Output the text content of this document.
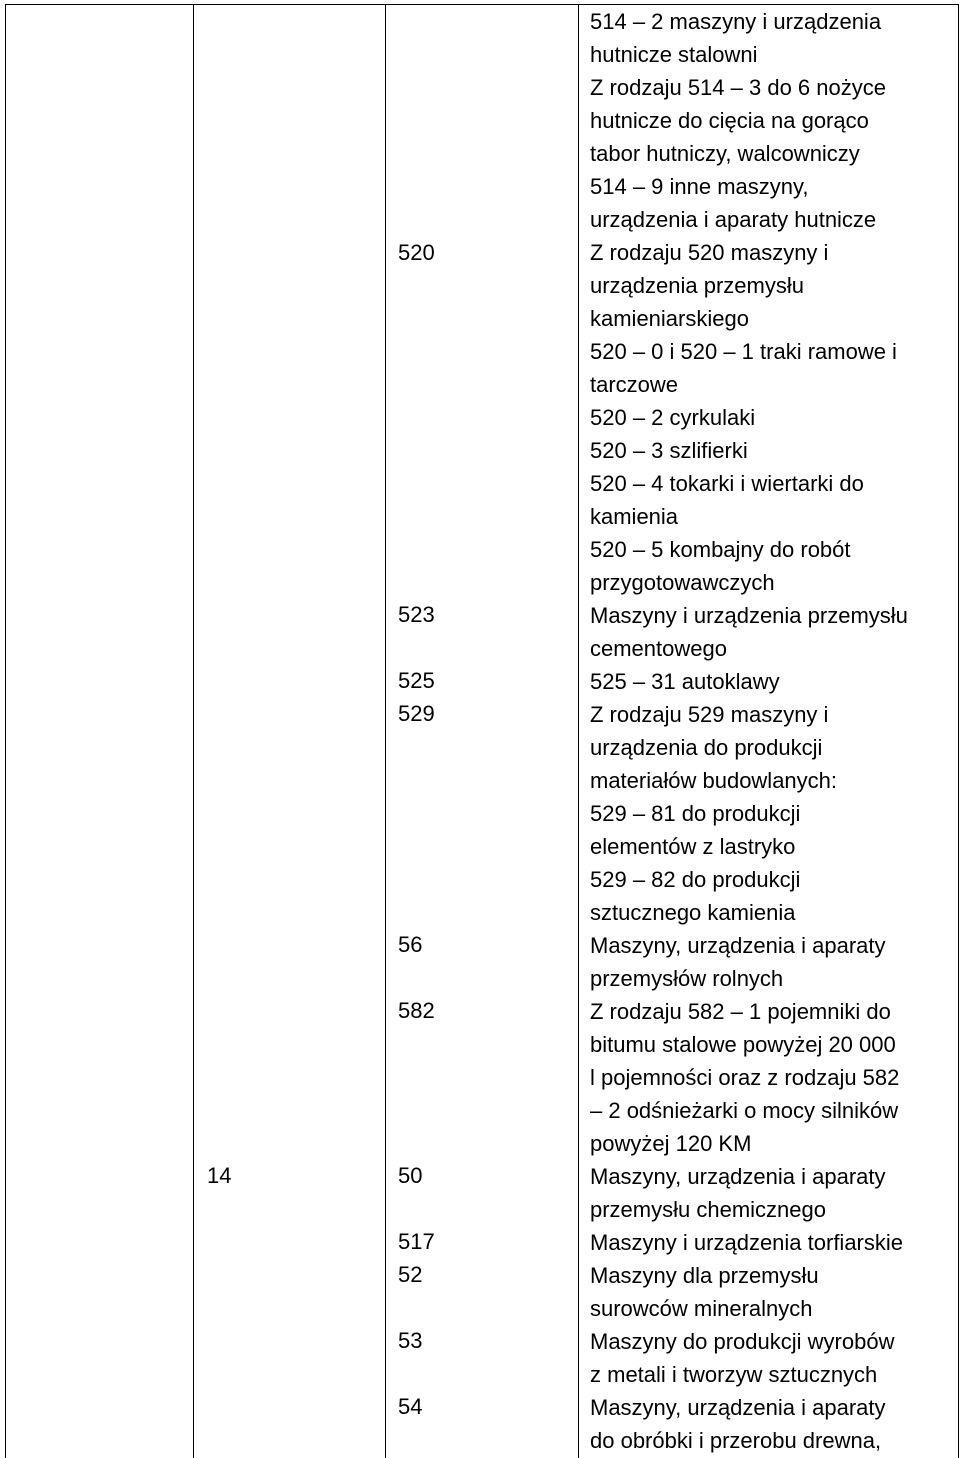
14
520
523
525
529
56
582
50
517
52
53
54
514 – 2 maszyny i urządzenia
hutnicze stalowni
Z rodzaju 514 – 3 do 6 nożyce
hutnicze do cięcia na gorąco
tabor hutniczy, walcowniczy
514 – 9 inne maszyny,
urządzenia i aparaty hutnicze
Z rodzaju 520 maszyny i
urządzenia przemysłu
kamieniarskiego
520 – 0 i 520 – 1 traki ramowe i
tarczowe
520 – 2 cyrkulaki
520 – 3 szlifierki
520 – 4 tokarki i wiertarki do
kamienia
520 – 5 kombajny do robót
przygotowawczych
Maszyny i urządzenia przemysłu
cementowego
525 – 31 autoklawy
Z rodzaju 529 maszyny i
urządzenia do produkcji
materiałów budowlanych:
529 – 81 do produkcji
elementów z lastryko
529 – 82 do produkcji
sztucznego kamienia
Maszyny, urządzenia i aparaty
przemysłów rolnych
Z rodzaju 582 – 1 pojemniki do
bitumu stalowe powyżej 20 000
l pojemności oraz z rodzaju 582
– 2 odśnieżarki o mocy silników
powyżej 120 KM
Maszyny, urządzenia i aparaty
przemysłu chemicznego
Maszyny i urządzenia torfiarskie
Maszyny dla przemysłu
surowców mineralnych
Maszyny do produkcji wyrobów
z metali i tworzyw sztucznych
Maszyny, urządzenia i aparaty
do obróbki i przerobu drewna,
